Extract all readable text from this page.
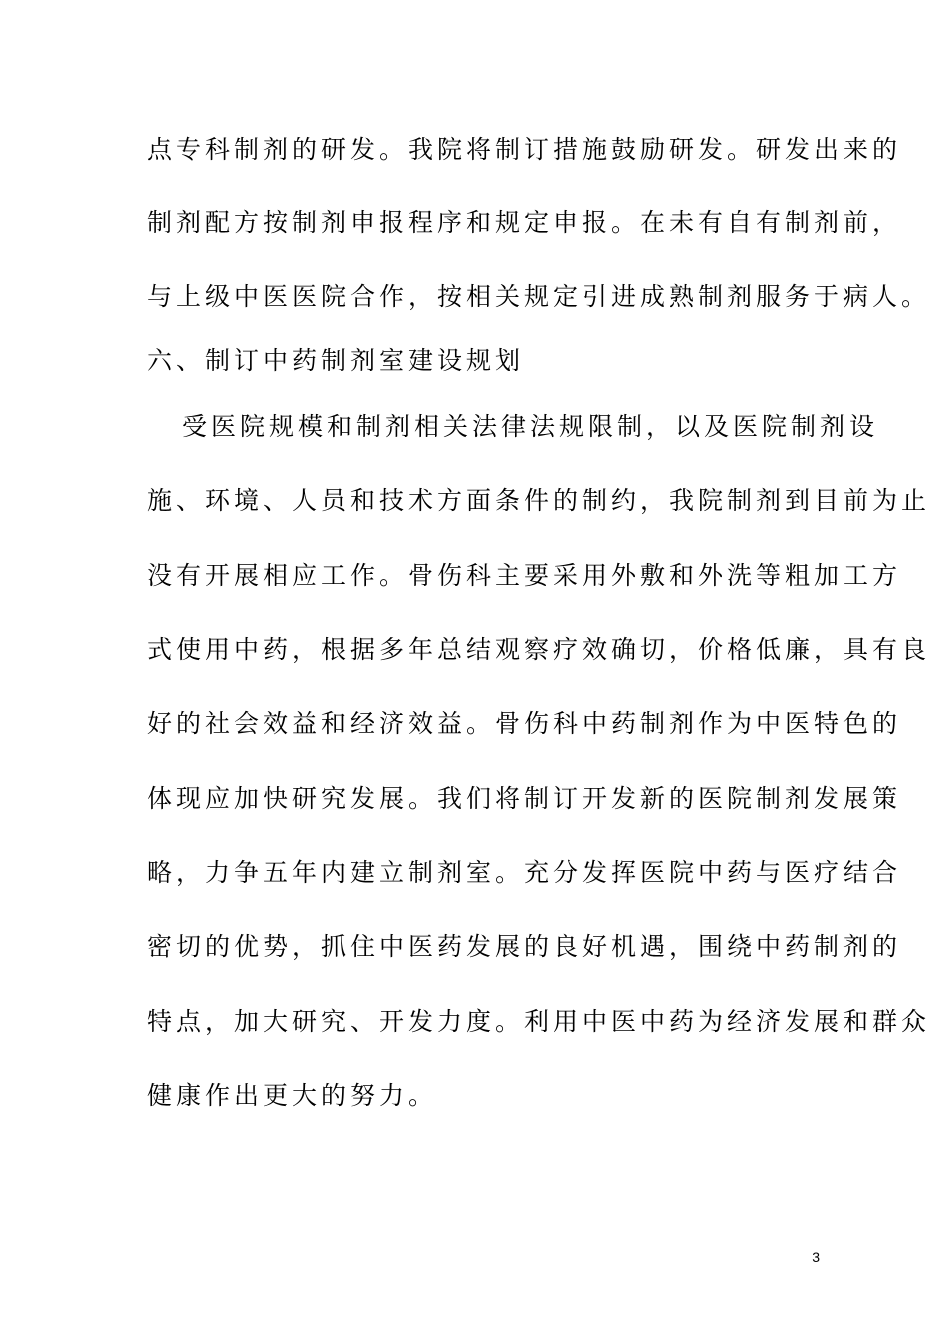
点专科制剂的研发。我院将制订措施鼓励研发。研发出来的
制剂配方按制剂申报程序和规定申报。在未有自有制剂前，
与上级中医医院合作，按相关规定引进成熟制剂服务于病人。
六、制订中药制剂室建设规划
受医院规模和制剂相关法律法规限制，以及医院制剂设
施、环境、人员和技术方面条件的制约，我院制剂到目前为止
没有开展相应工作。骨伤科主要采用外敷和外洗等粗加工方
式使用中药，根据多年总结观察疗效确切，价格低廉，具有良
好的社会效益和经济效益。骨伤科中药制剂作为中医特色的
体现应加快研究发展。我们将制订开发新的医院制剂发展策
略，力争五年内建立制剂室。充分发挥医院中药与医疗结合
密切的优势，抓住中医药发展的良好机遇，围绕中药制剂的
特点，加大研究、开发力度。利用中医中药为经济发展和群众
健康作出更大的努力。
3
